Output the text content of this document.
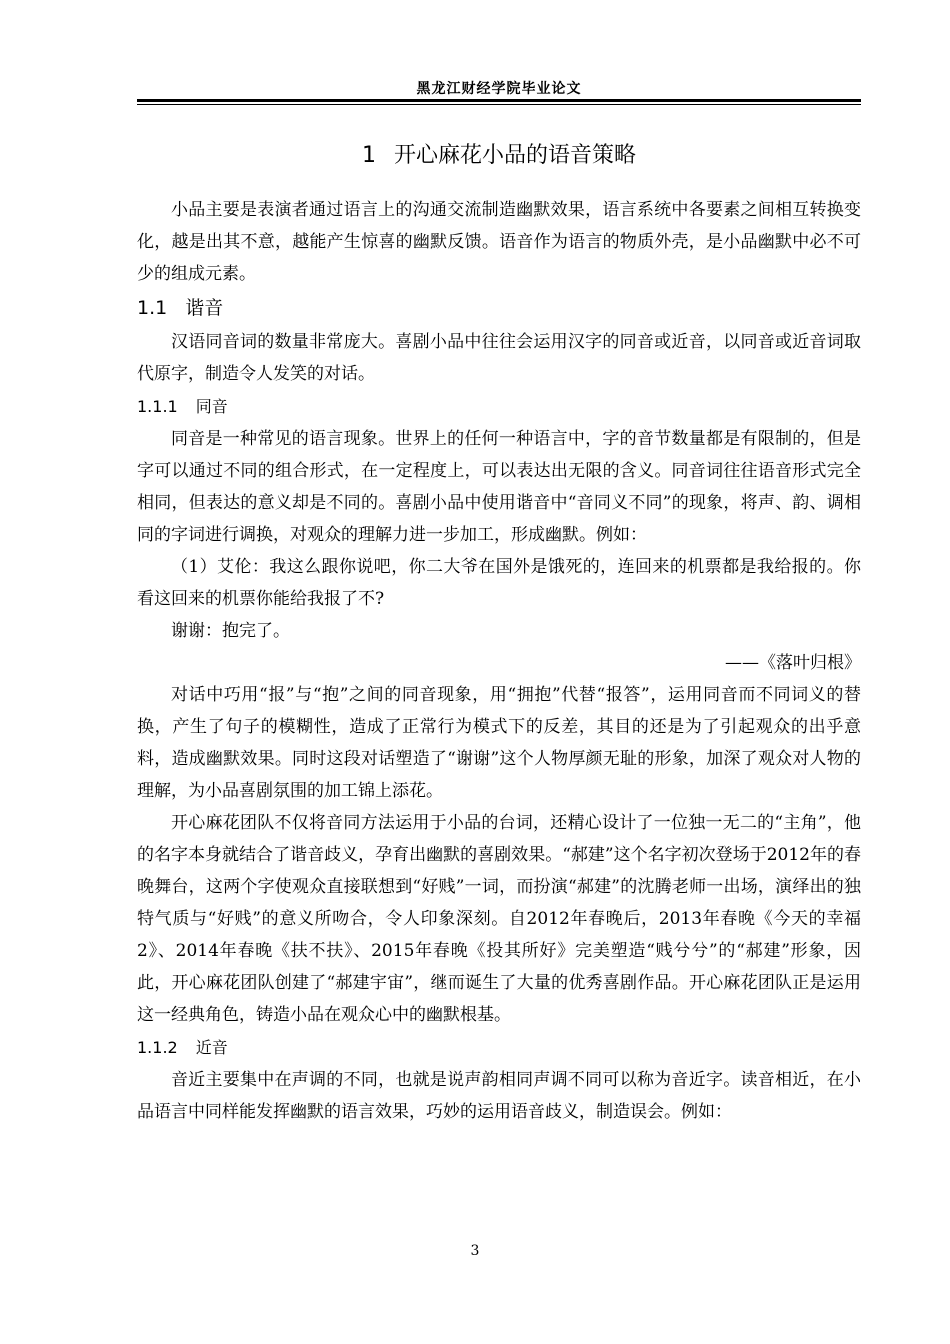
黑龙江财经学院毕业论文
1 开心麻花小品的语音策略

小品主要是表演者通过语言上的沟通交流制造幽默效果，语言系统中各要素之间相互转换变化，越是出其不意，越能产生惊喜的幽默反馈。语音作为语言的物质外壳，是小品幽默中必不可少的组成元素。

1.1 谐音

汉语同音词的数量非常庞大。喜剧小品中往往会运用汉字的同音或近音，以同音或近音词取代原字，制造令人发笑的对话。

1.1.1 同音

同音是一种常见的语言现象。世界上的任何一种语言中，字的音节数量都是有限制的，但是字可以通过不同的组合形式，在一定程度上，可以表达出无限的含义。同音词往往语音形式完全相同，但表达的意义却是不同的。喜剧小品中使用谐音中“音同义不同”的现象，将声、韵、调相同的字词进行调换，对观众的理解力进一步加工，形成幽默。例如：

（1）艾伦：我这么跟你说吧，你二大爷在国外是饿死的，连回来的机票都是我给报的。你看这回来的机票你能给我报了不?

谢谢：抱完了。

——《落叶归根》

对话中巧用“报”与“抱”之间的同音现象，用“拥抱”代替“报答”，运用同音而不同词义的替换，产生了句子的模糊性，造成了正常行为模式下的反差，其目的还是为了引起观众的出乎意料，造成幽默效果。同时这段对话塑造了“谢谢”这个人物厚颜无耻的形象，加深了观众对人物的理解，为小品喜剧氛围的加工锦上添花。

开心麻花团队不仅将音同方法运用于小品的台词，还精心设计了一位独一无二的“主角”，他的名字本身就结合了谐音歧义，孕育出幽默的喜剧效果。“郝建”这个名字初次登场于2012年的春晚舞台，这两个字使观众直接联想到“好贱”一词，而扮演“郝建”的沈腾老师一出场，演绎出的独特气质与“好贱”的意义所吻合，令人印象深刻。自2012年春晚后，2013年春晚《今天的幸福2》、2014年春晚《扶不扶》、2015年春晚《投其所好》完美塑造“贱兮兮”的“郝建”形象，因此，开心麻花团队创建了“郝建宇宙”，继而诞生了大量的优秀喜剧作品。开心麻花团队正是运用这一经典角色，铸造小品在观众心中的幽默根基。

1.1.2 近音

音近主要集中在声调的不同，也就是说声韵相同声调不同可以称为音近字。读音相近，在小品语言中同样能发挥幽默的语言效果，巧妙的运用语音歧义，制造误会。例如：

3
